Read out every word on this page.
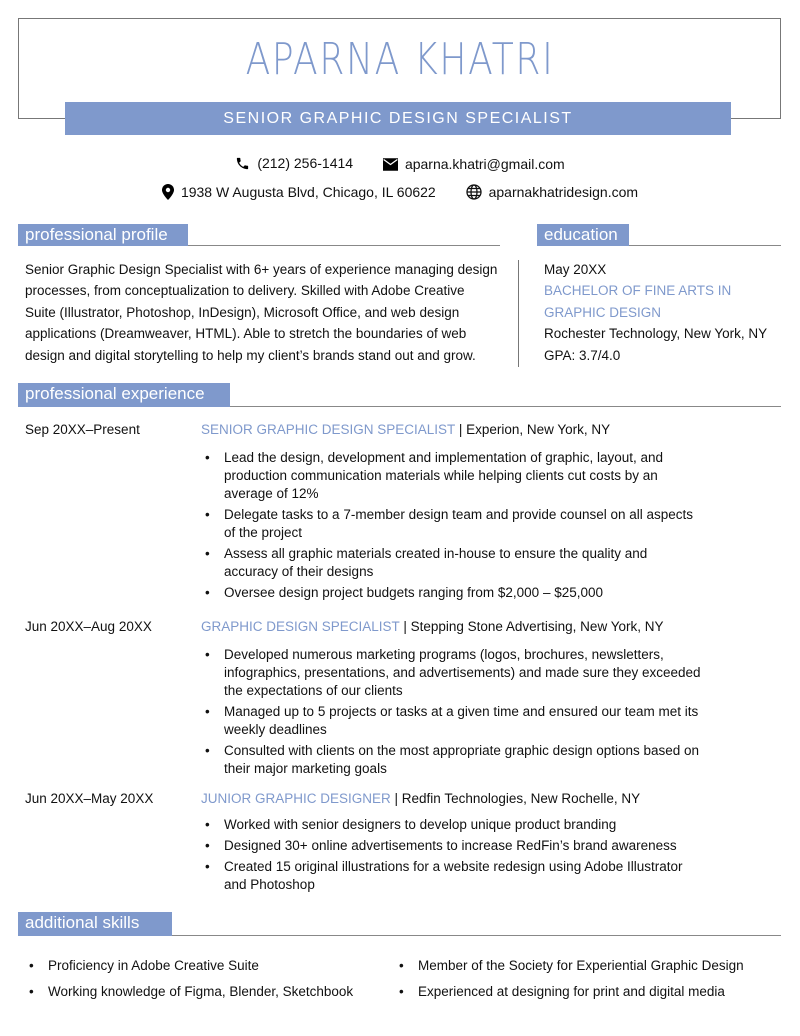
APARNA KHATRI
SENIOR GRAPHIC DESIGN SPECIALIST
(212) 256-1414
	aparna.khatri@gmail.com
1938 W Augusta Blvd, Chicago, IL 60622
	aparnakhatridesign.com
professional profile	education
Senior Graphic Design Specialist with 6+ years of experience managing design
processes, from conceptualization to delivery. Skilled with Adobe Creative
Suite (Illustrator, Photoshop, InDesign), Microsoft Office, and web design
applications (Dreamweaver, HTML). Able to stretch the boundaries of web
design and digital storytelling to help my client’s brands stand out and grow.
May 20XX
BACHELOR OF FINE ARTS IN
GRAPHIC DESIGN
Rochester Technology, New York, NY
GPA: 3.7/4.0
professional experience
Sep 20XX–Present	SENIOR GRAPHIC DESIGN SPECIALIST | Experion, New York, NY
• Lead the design, development and implementation of graphic, layout, and production communication materials while helping clients cut costs by an average of 12%
• Delegate tasks to a 7-member design team and provide counsel on all aspects of the project
• Assess all graphic materials created in-house to ensure the quality and accuracy of their designs
• Oversee design project budgets ranging from $2,000 – $25,000
Jun 20XX–Aug 20XX	GRAPHIC DESIGN SPECIALIST | Stepping Stone Advertising, New York, NY
• Developed numerous marketing programs (logos, brochures, newsletters, infographics, presentations, and advertisements) and made sure they exceeded the expectations of our clients
• Managed up to 5 projects or tasks at a given time and ensured our team met its weekly deadlines
• Consulted with clients on the most appropriate graphic design options based on their major marketing goals
Jun 20XX–May 20XX	JUNIOR GRAPHIC DESIGNER | Redfin Technologies, New Rochelle, NY
• Worked with senior designers to develop unique product branding
• Designed 30+ online advertisements to increase RedFin’s brand awareness
• Created 15 original illustrations for a website redesign using Adobe Illustrator and Photoshop
additional skills
• Proficiency in Adobe Creative Suite
• Working knowledge of Figma, Blender, Sketchbook
• Member of the Society for Experiential Graphic Design
• Experienced at designing for print and digital media
